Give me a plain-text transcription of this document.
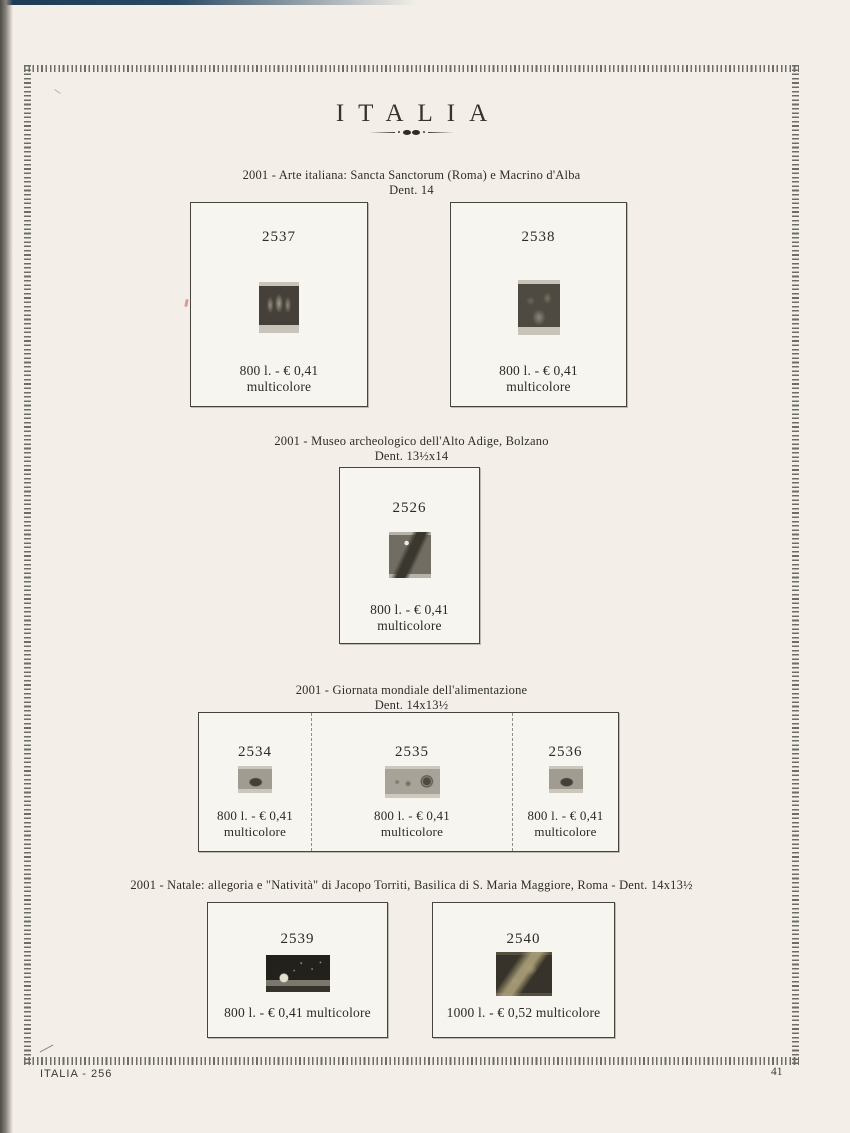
ITALIA
2001 - Arte italiana: Sancta Sanctorum (Roma) e Macrino d'Alba
Dent. 14
2537
800 l. - € 0,41
multicolore
2538
800 l. - € 0,41
multicolore
2001 - Museo archeologico dell'Alto Adige, Bolzano
Dent. 13½x14
2526
800 l. - € 0,41
multicolore
2001 - Giornata mondiale dell'alimentazione
Dent. 14x13½
2534
800 l. - € 0,41
multicolore
2535
800 l. - € 0,41
multicolore
2536
800 l. - € 0,41
multicolore
2001 - Natale: allegoria e "Natività" di Jacopo Torriti, Basilica di S. Maria Maggiore, Roma - Dent. 14x13½
2539
800 l. - € 0,41 multicolore
2540
1000 l. - € 0,52 multicolore
ITALIA - 256	41
